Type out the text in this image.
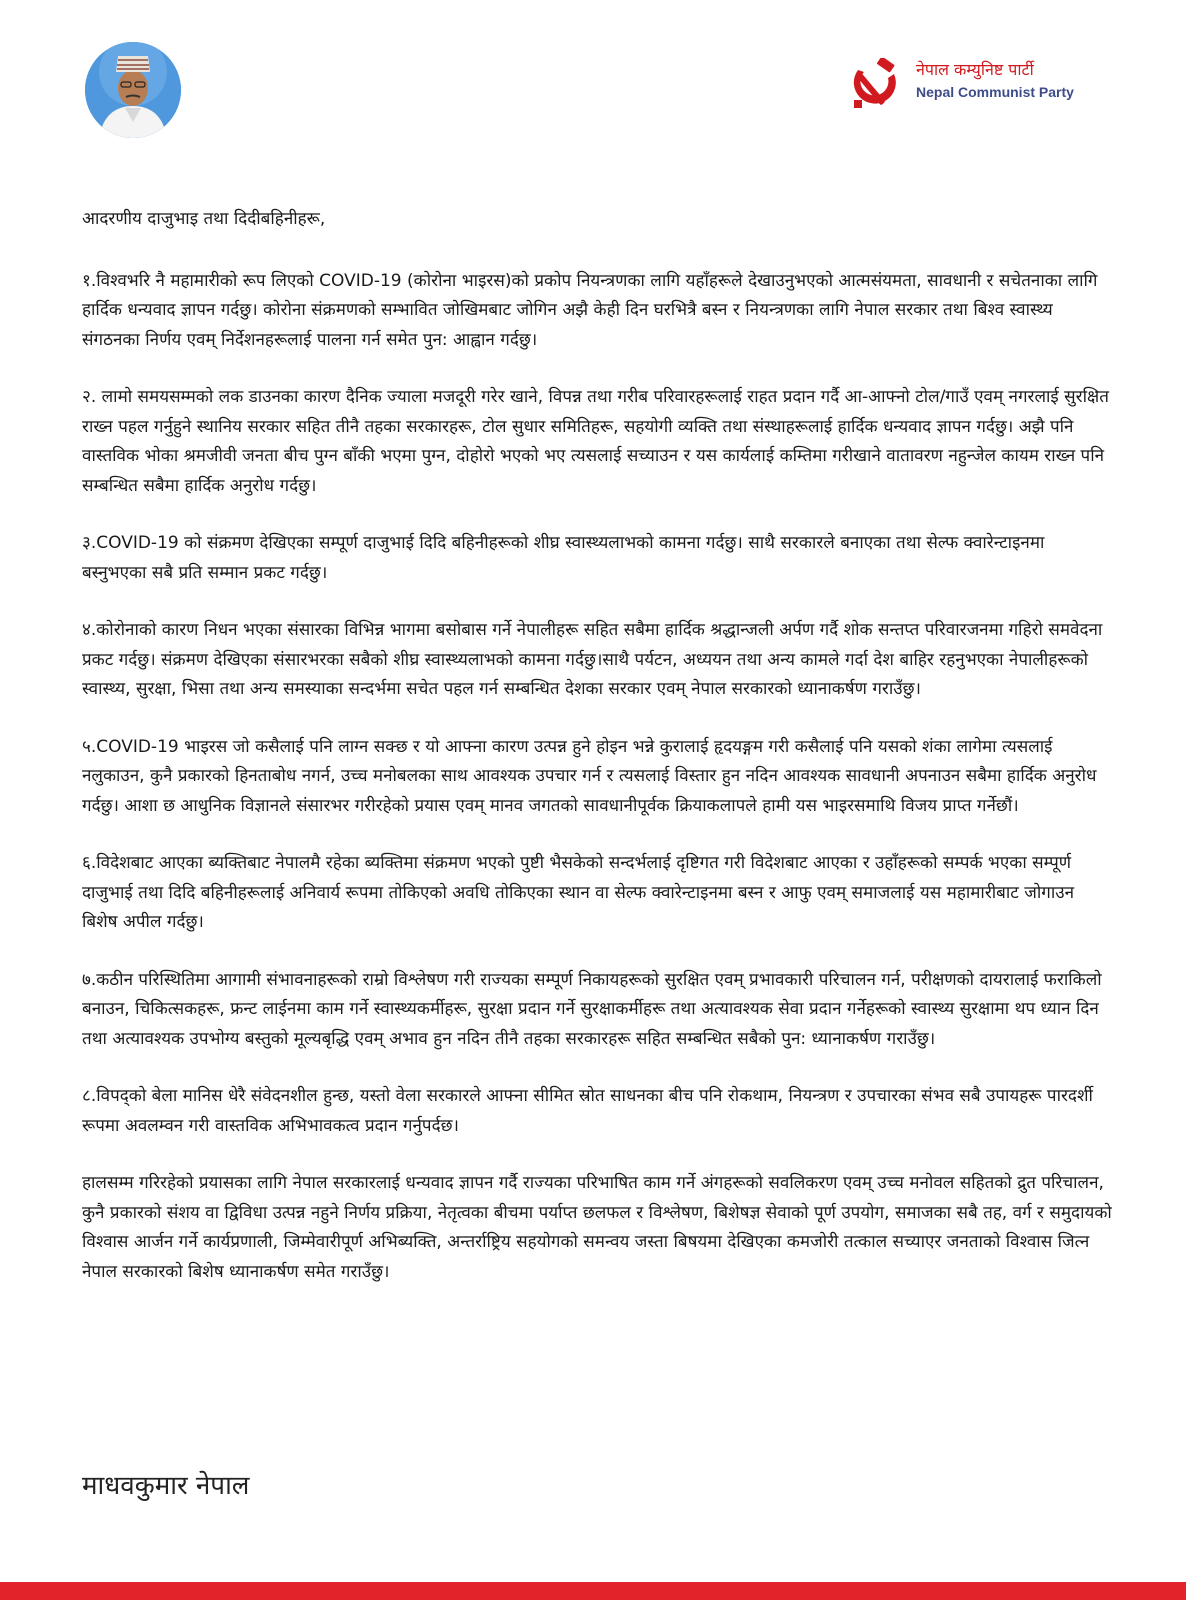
नेपाल कम्युनिष्ट पार्टी
Nepal Communist Party

आदरणीय दाजुभाइ तथा दिदीबहिनीहरू,

१.विश्वभरि नै महामारीको रूप लिएको COVID-19 (कोरोना भाइरस)को प्रकोप नियन्त्रणका लागि यहाँहरूले देखाउनुभएको आत्मसंयमता, सावधानी र सचेतनाका लागि हार्दिक धन्यवाद ज्ञापन गर्दछु। कोरोना संक्रमणको सम्भावित जोखिमबाट जोगिन अझै केही दिन घरभित्रै बस्न र नियन्त्रणका लागि नेपाल सरकार तथा बिश्व स्वास्थ्य संगठनका निर्णय एवम् निर्देशनहरूलाई पालना गर्न समेत पुन: आह्वान गर्दछु।

२. लामो समयसम्मको लक डाउनका कारण दैनिक ज्याला मजदूरी गरेर खाने, विपन्न तथा गरीब परिवारहरूलाई राहत प्रदान गर्दै आ-आफ्नो टोल/गाउँ एवम् नगरलाई सुरक्षित राख्न पहल गर्नुहुने स्थानिय सरकार सहित तीनै तहका सरकारहरू, टोल सुधार समितिहरू, सहयोगी व्यक्ति तथा संस्थाहरूलाई हार्दिक धन्यवाद ज्ञापन गर्दछु। अझै पनि वास्तविक भोका श्रमजीवी जनता बीच पुग्न बाँकी भएमा पुग्न, दोहोरो भएको भए त्यसलाई सच्याउन र यस कार्यलाई कम्तिमा गरीखाने वातावरण नहुन्जेल कायम राख्न पनि सम्बन्धित सबैमा हार्दिक अनुरोध गर्दछु।

३.COVID-19 को संक्रमण देखिएका सम्पूर्ण दाजुभाई दिदि बहिनीहरूको शीघ्र स्वास्थ्यलाभको कामना गर्दछु। साथै सरकारले बनाएका तथा सेल्फ क्वारेन्टाइनमा बस्नुभएका सबै प्रति सम्मान प्रकट गर्दछु।

४.कोरोनाको कारण निधन भएका संसारका विभिन्न भागमा बसोबास गर्ने नेपालीहरू सहित सबैमा हार्दिक श्रद्धान्जली अर्पण गर्दै शोक सन्तप्त परिवारजनमा गहिरो समवेदना प्रकट गर्दछु। संक्रमण देखिएका संसारभरका सबैको शीघ्र स्वास्थ्यलाभको कामना गर्दछु।साथै पर्यटन, अध्ययन तथा अन्य कामले गर्दा देश बाहिर रहनुभएका नेपालीहरूको स्वास्थ्य, सुरक्षा, भिसा तथा अन्य समस्याका सन्दर्भमा सचेत पहल गर्न सम्बन्धित देशका सरकार एवम् नेपाल सरकारको ध्यानाकर्षण गराउँछु।

५.COVID-19 भाइरस जो कसैलाई पनि लाग्न सक्छ र यो आफ्ना कारण उत्पन्न हुने होइन भन्ने कुरालाई हृदयङ्गम गरी कसैलाई पनि यसको शंका लागेमा त्यसलाई नलुकाउन, कुनै प्रकारको हिनताबोध नगर्न, उच्च मनोबलका साथ आवश्यक उपचार गर्न र त्यसलाई विस्तार हुन नदिन आवश्यक सावधानी अपनाउन सबैमा हार्दिक अनुरोध गर्दछु। आशा छ आधुनिक विज्ञानले संसारभर गरीरहेको प्रयास एवम् मानव जगतको सावधानीपूर्वक क्रियाकलापले हामी यस भाइरसमाथि विजय प्राप्त गर्नेछौं।

६.विदेशबाट आएका ब्यक्तिबाट नेपालमै रहेका ब्यक्तिमा संक्रमण भएको पुष्टी भैसकेको सन्दर्भलाई दृष्टिगत गरी विदेशबाट आएका र उहाँहरूको सम्पर्क भएका सम्पूर्ण दाजुभाई तथा दिदि बहिनीहरूलाई अनिवार्य रूपमा तोकिएको अवधि तोकिएका स्थान वा सेल्फ क्वारेन्टाइनमा बस्न र आफु एवम् समाजलाई यस महामारीबाट जोगाउन बिशेष अपील गर्दछु।

७.कठीन परिस्थितिमा आगामी संभावनाहरूको राम्रो विश्लेषण गरी राज्यका सम्पूर्ण निकायहरूको सुरक्षित एवम् प्रभावकारी परिचालन गर्न, परीक्षणको दायरालाई फराकिलो बनाउन, चिकित्सकहरू, फ्रन्ट लाईनमा काम गर्ने स्वास्थ्यकर्मीहरू, सुरक्षा प्रदान गर्ने सुरक्षाकर्मीहरू तथा अत्यावश्यक सेवा प्रदान गर्नेहरूको स्वास्थ्य सुरक्षामा थप ध्यान दिन तथा अत्यावश्यक उपभोग्य बस्तुको मूल्यबृद्धि एवम् अभाव हुन नदिन तीनै तहका सरकारहरू सहित सम्बन्धित सबैको पुन: ध्यानाकर्षण गराउँछु।

८.विपद्को बेला मानिस धेरै संवेदनशील हुन्छ, यस्तो वेला सरकारले आफ्ना सीमित स्रोत साधनका बीच पनि रोकथाम, नियन्त्रण र उपचारका संभव सबै उपायहरू पारदर्शी रूपमा अवलम्वन गरी वास्तविक अभिभावकत्व प्रदान गर्नुपर्दछ।

हालसम्म गरिरहेको प्रयासका लागि नेपाल सरकारलाई धन्यवाद ज्ञापन गर्दै राज्यका परिभाषित काम गर्ने अंगहरूको सवलिकरण एवम् उच्च मनोवल सहितको द्रुत परिचालन, कुनै प्रकारको संशय वा द्विविधा उत्पन्न नहुने निर्णय प्रक्रिया, नेतृत्वका बीचमा पर्याप्त छलफल र विश्लेषण, बिशेषज्ञ सेवाको पूर्ण उपयोग, समाजका सबै तह, वर्ग र समुदायको विश्वास आर्जन गर्ने कार्यप्रणाली, जिम्मेवारीपूर्ण अभिब्यक्ति, अन्तर्राष्ट्रिय सहयोगको समन्वय जस्ता बिषयमा देखिएका कमजोरी तत्काल सच्याएर जनताको विश्वास जित्न नेपाल सरकारको बिशेष ध्यानाकर्षण समेत गराउँछु।

माधवकुमार नेपाल
